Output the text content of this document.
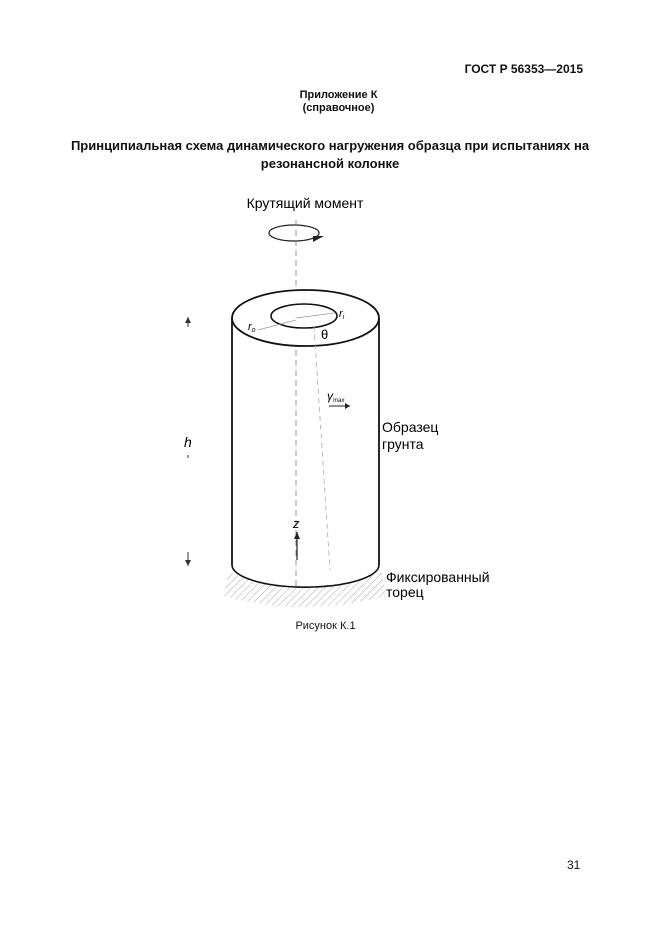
ГОСТ Р 56353—2015
Приложение К
(справочное)
Принципиальная схема динамического нагружения образца при испытаниях на резонансной колонке
Крутящий момент
ro
ri
θ
γmax
h
z
Образец
грунта
Фиксированный
торец
Рисунок К.1
31
